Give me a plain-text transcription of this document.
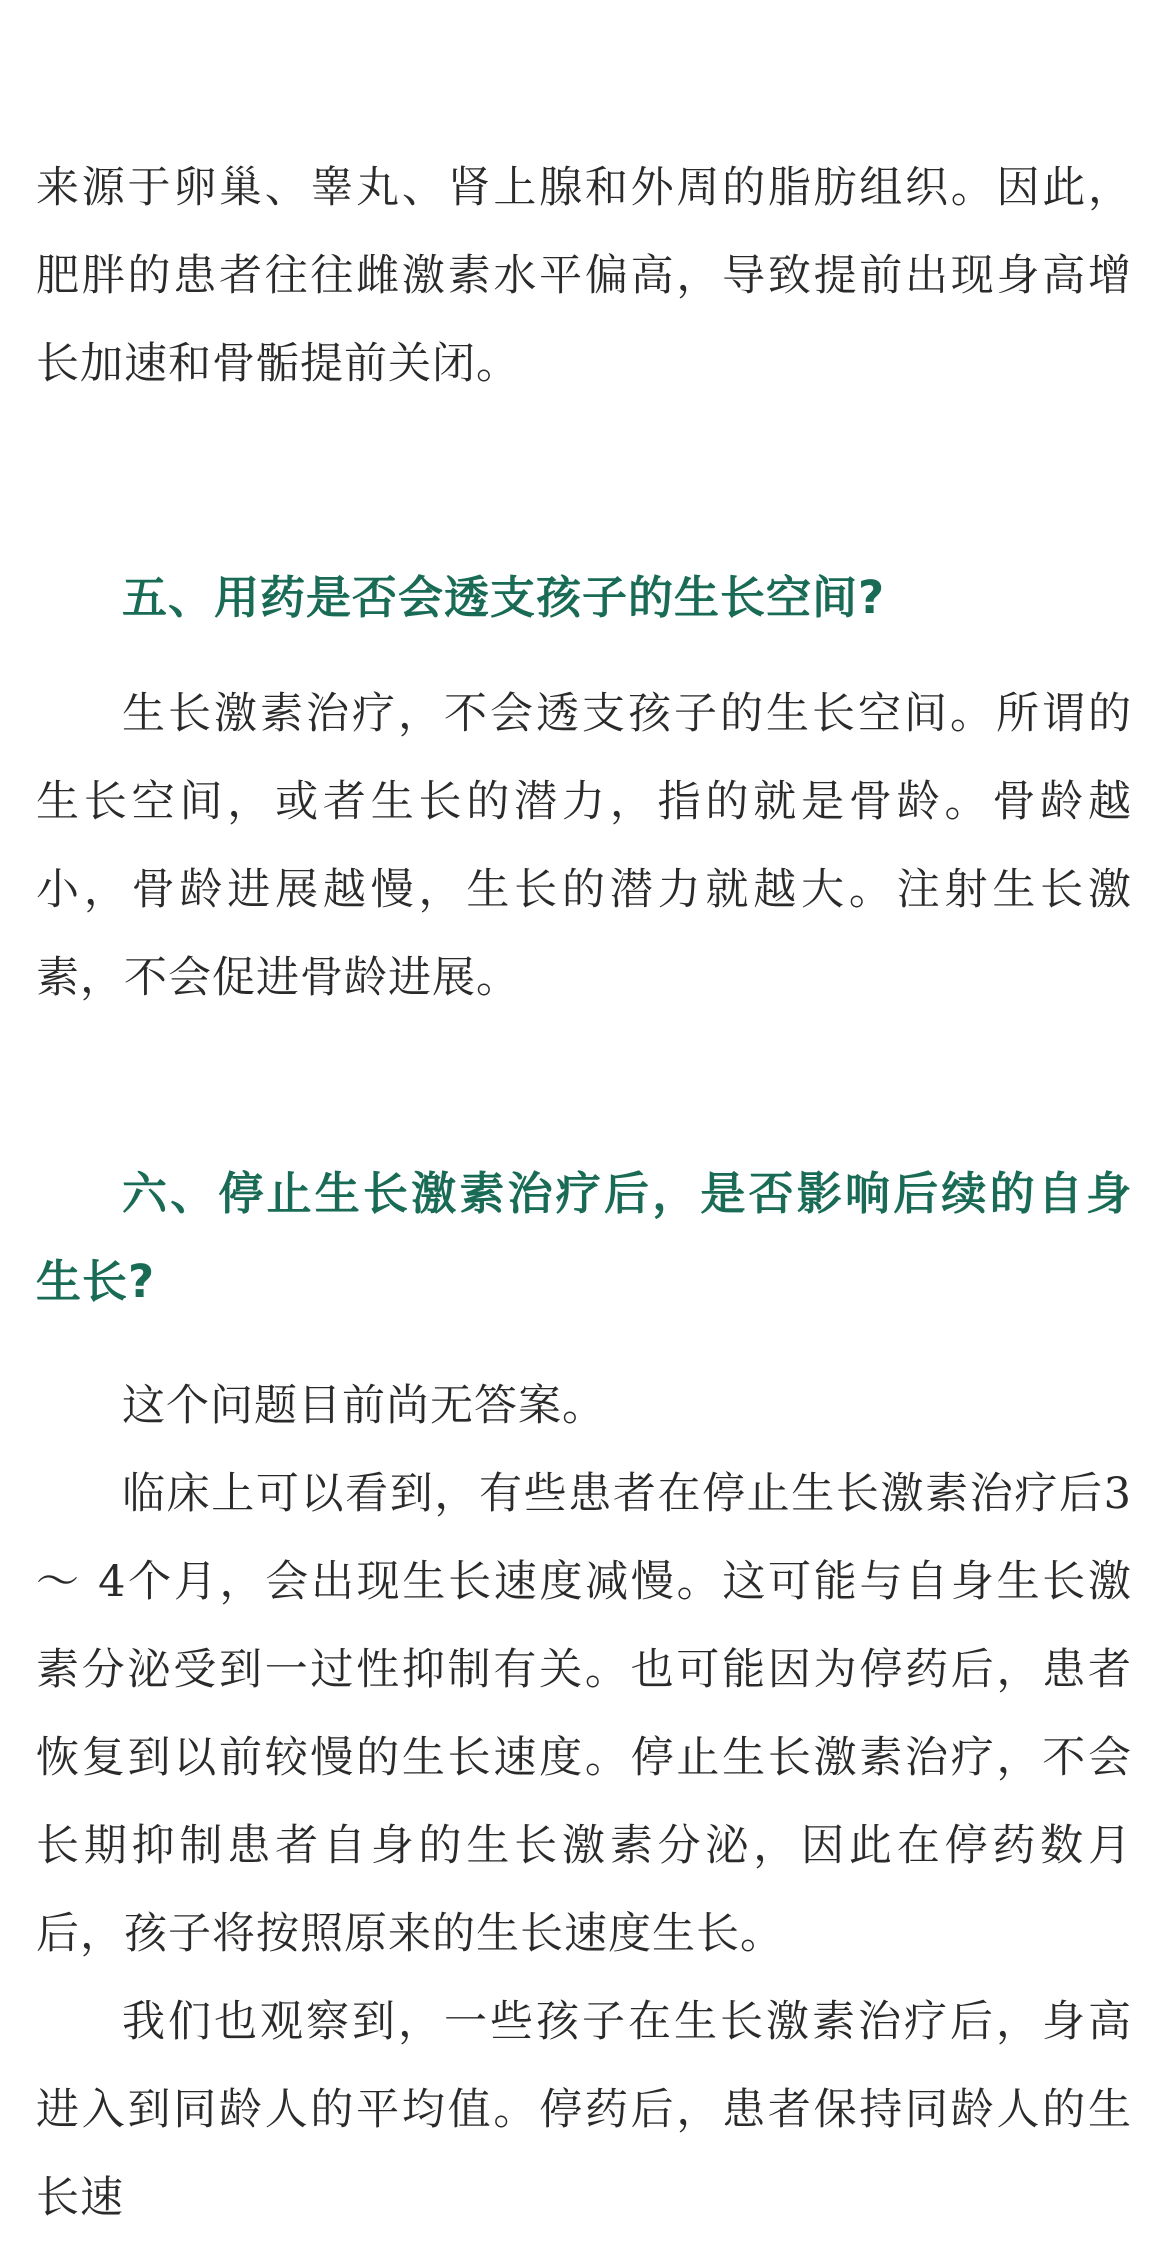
来源于卵巢、睾丸、肾上腺和外周的脂肪组织。因此，肥胖的患者往往雌激素水平偏高，导致提前出现身高增长加速和骨骺提前关闭。

五、用药是否会透支孩子的生长空间?

生长激素治疗，不会透支孩子的生长空间。所谓的生长空间，或者生长的潜力，指的就是骨龄。骨龄越小，骨龄进展越慢，生长的潜力就越大。注射生长激素，不会促进骨龄进展。

六、停止生长激素治疗后，是否影响后续的自身生长?

这个问题目前尚无答案。

临床上可以看到，有些患者在停止生长激素治疗后3 ～ 4个月，会出现生长速度减慢。这可能与自身生长激素分泌受到一过性抑制有关。也可能因为停药后，患者恢复到以前较慢的生长速度。停止生长激素治疗，不会长期抑制患者自身的生长激素分泌，因此在停药数月后，孩子将按照原来的生长速度生长。

我们也观察到，一些孩子在生长激素治疗后，身高进入到同龄人的平均值。停药后，患者保持同龄人的生长速
